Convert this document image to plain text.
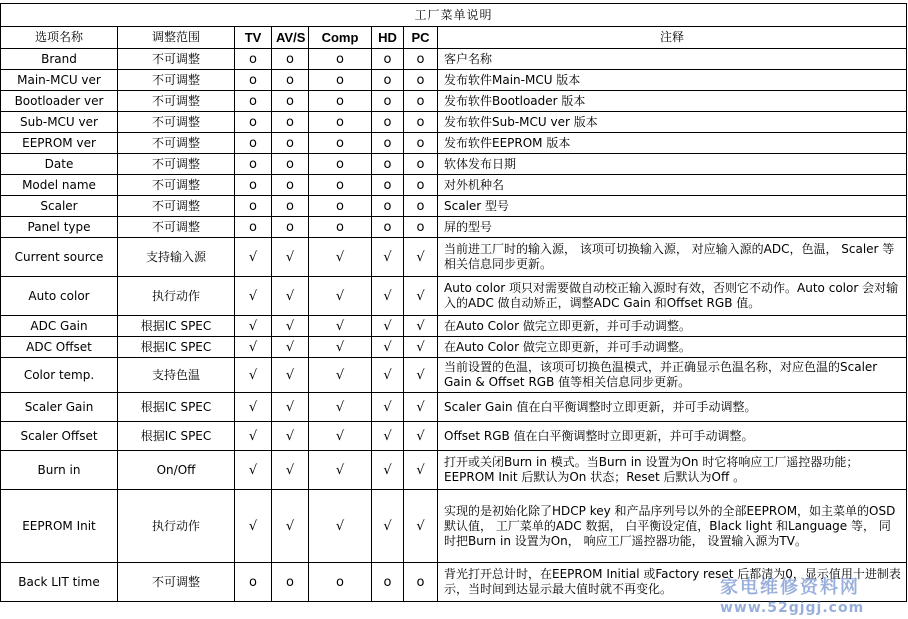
工厂菜单说明							
选项名称	调整范围	TV	AV/S	Comp	HD	PC	注释
Brand	不可调整	o	o	o	o	o	客户名称
Main-MCU ver	不可调整	o	o	o	o	o	发布软件Main-MCU 版本
Bootloader ver	不可调整	o	o	o	o	o	发布软件Bootloader 版本
Sub-MCU ver	不可调整	o	o	o	o	o	发布软件Sub-MCU ver 版本
EEPROM ver	不可调整	o	o	o	o	o	发布软件EEPROM 版本
Date	不可调整	o	o	o	o	o	软体发布日期
Model name	不可调整	o	o	o	o	o	对外机种名
Scaler	不可调整	o	o	o	o	o	Scaler 型号
Panel type	不可调整	o	o	o	o	o	屏的型号
Current source	支持输入源	√	√	√	√	√	当前进工厂时的输入源， 该项可切换输入源， 对应输入源的ADC，色温， Scaler 等相关信息同步更新。
Auto color	执行动作	√	√	√	√	√	Auto color 项只对需要做自动校正输入源时有效，否则它不动作。Auto color 会对输入的ADC 做自动矫正，调整ADC Gain 和Offset RGB 值。
ADC Gain	根据IC SPEC	√	√	√	√	√	在Auto Color 做完立即更新，并可手动调整。
ADC Offset	根据IC SPEC	√	√	√	√	√	在Auto Color 做完立即更新，并可手动调整。
Color temp.	支持色温	√	√	√	√	√	当前设置的色温，该项可切换色温模式，并正确显示色温名称，对应色温的Scaler Gain & Offset RGB 值等相关信息同步更新。
Scaler Gain	根据IC SPEC	√	√	√	√	√	Scaler Gain 值在白平衡调整时立即更新，并可手动调整。
Scaler Offset	根据IC SPEC	√	√	√	√	√	Offset RGB 值在白平衡调整时立即更新，并可手动调整。
Burn in	On/Off	√	√	√	√	√	打开或关闭Burn in 模式。当Burn in 设置为On 时它将响应工厂遥控器功能；EEPROM Init 后默认为On 状态；Reset 后默认为Off 。
EEPROM Init	执行动作	√	√	√	√	√	实现的是初始化除了HDCP key 和产品序列号以外的全部EEPROM，如主菜单的OSD 默认值， 工厂菜单的ADC 数据， 白平衡设定值，Black light 和Language 等， 同时把Burn in 设置为On， 响应工厂遥控器功能， 设置输入源为TV。
Back LIT time	不可调整	o	o	o	o	o	背光打开总计时，在EEPROM Initial 或Factory reset 后都清为0，显示值用十进制表示，当时间到达显示最大值时就不再变化。	家电维修资料网
www.52gjgj.com
